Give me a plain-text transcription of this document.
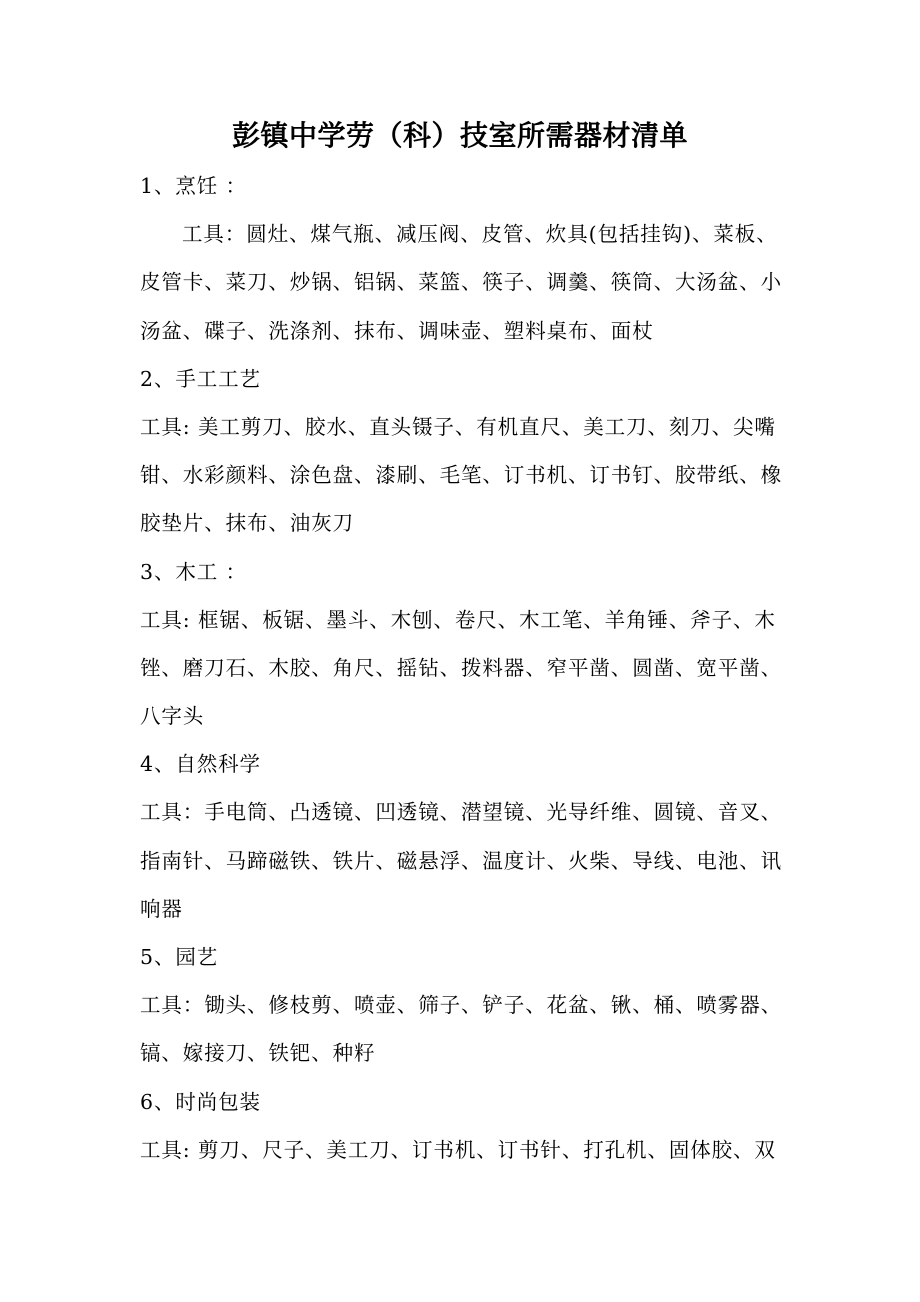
彭镇中学劳（科）技室所需器材清单
1、烹饪 ：
工具：圆灶、煤气瓶、减压阀、皮管、炊具(包括挂钩)、菜板、
皮管卡、菜刀、炒锅、铝锅、菜篮、筷子、调羹、筷筒、大汤盆、小
汤盆、碟子、洗涤剂、抹布、调味壶、塑料桌布、面杖
2、手工工艺
工具: 美工剪刀、胶水、直头镊子、有机直尺、美工刀、刻刀、尖嘴
钳、水彩颜料、涂色盘、漆刷、毛笔、订书机、订书钉、胶带纸、橡
胶垫片、抹布、油灰刀
3、木工 ：
工具: 框锯、板锯、墨斗、木刨、卷尺、木工笔、羊角锤、斧子、木
锉、磨刀石、木胶、角尺、摇钻、拨料器、窄平凿、圆凿、宽平凿、
八字头
4、自然科学
工具：手电筒、凸透镜、凹透镜、潜望镜、光导纤维、圆镜、音叉、
指南针、马蹄磁铁、铁片、磁悬浮、温度计、火柴、导线、电池、讯
响器
5、园艺
工具：锄头、修枝剪、喷壶、筛子、铲子、花盆、锹、桶、喷雾器、
镐、嫁接刀、铁钯、种籽
6、时尚包装
工具: 剪刀、尺子、美工刀、订书机、订书针、打孔机、固体胶、双
